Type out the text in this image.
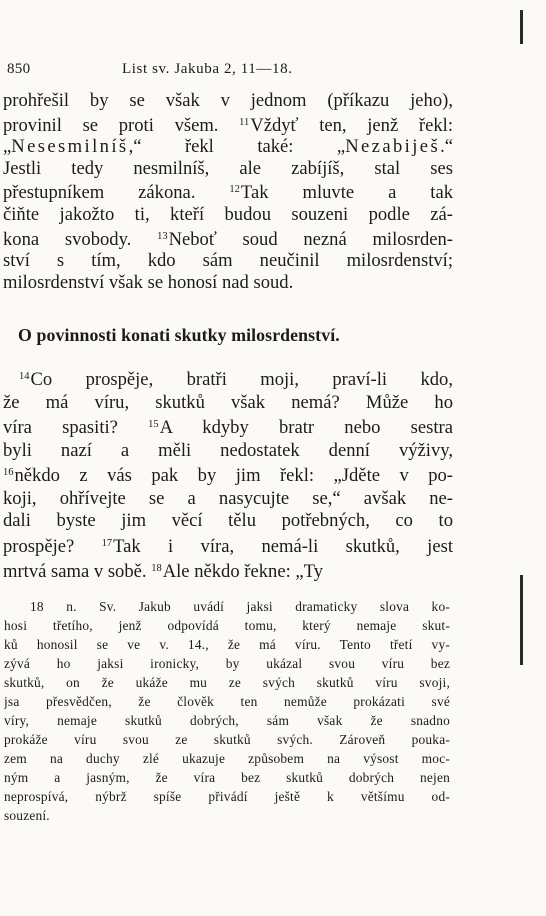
850	List sv. Jakuba 2, 11—18.
prohřešil by se však v jednom (příkazu jeho),
provinil se proti všem. $^{11}$Vždyť ten, jenž řekl:
„Nesesmilníš,“ řekl také: „Nezabiješ.“
Jestli tedy nesmilníš, ale zabíjíš, stal ses
přestupníkem zákona. $^{12}$Tak mluvte a tak
čiňte jakožto ti, kteří budou souzeni podle zá-
kona svobody. $^{13}$Neboť soud nezná milosrden-
ství s tím, kdo sám neučinil milosrdenství;
milosrdenství však se honosí nad soud.
O povinnosti konati skutky milosrdenství.
$^{14}$Co prospěje, bratři moji, praví-li kdo,
že má víru, skutků však nemá? Může ho
víra spasiti? $^{15}$A kdyby bratr nebo sestra
byli nazí a měli nedostatek denní výživy,
$^{16}$někdo z vás pak by jim řekl: „Jděte v po-
koji, ohřívejte se a nasycujte se,“ avšak ne-
dali byste jim věcí tělu potřebných, co to
prospěje? $^{17}$Tak i víra, nemá-li skutků, jest
mrtvá sama v sobě. $^{18}$Ale někdo řekne: „Ty
18 n. Sv. Jakub uvádí jaksi dramaticky slova ko-
hosi třetího, jenž odpovídá tomu, který nemaje skut-
ků honosil se ve v. 14., že má víru. Tento třetí vy-
zývá ho jaksi ironicky, by ukázal svou víru bez
skutků, on že ukáže mu ze svých skutků víru svoji,
jsa přesvědčen, že člověk ten nemůže prokázati své
víry, nemaje skutků dobrých, sám však že snadno
prokáže víru svou ze skutků svých. Zároveň pouka-
zem na duchy zlé ukazuje způsobem na výsost moc-
ným a jasným, že víra bez skutků dobrých nejen
neprospívá, nýbrž spíše přivádí ještě k většímu od-
souzení.
